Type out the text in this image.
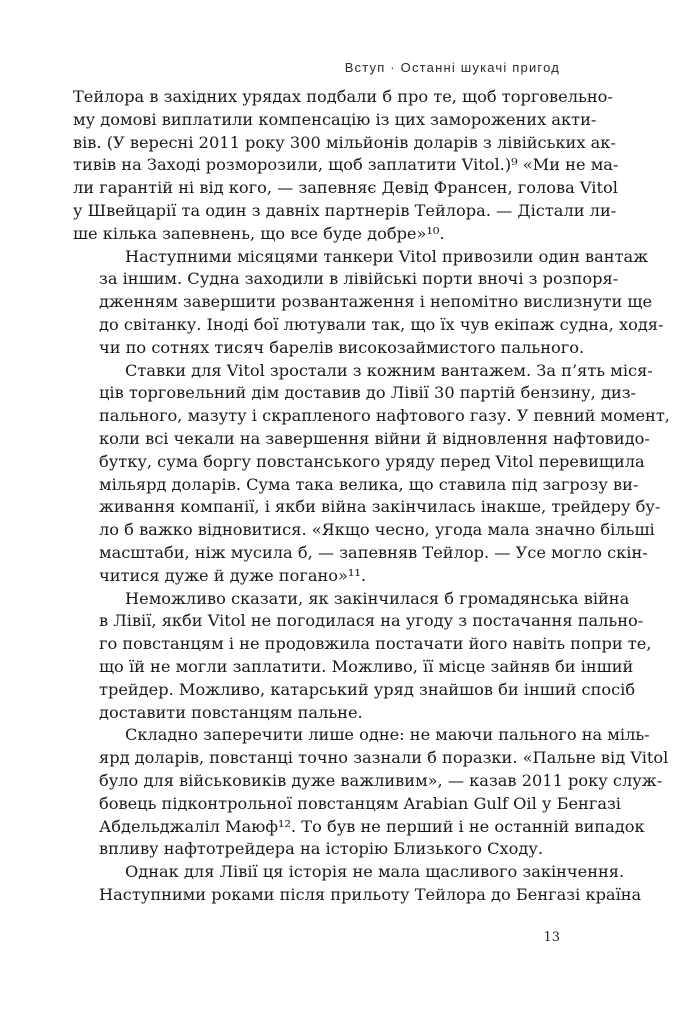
Вступ · Останні шукачі пригод
Тейлора в західних урядах подбали б про те, щоб торговельно-
му домові виплатили компенсацію із цих заморожених акти-
вів. (У вересні 2011 року 300 мільйонів доларів з лівійських ак-
тивів на Заході розморозили, щоб заплатити Vitol.)⁹ «Ми не ма-
ли гарантій ні від кого, — запевняє Девід Франсен, голова Vitol
у Швейцарії та один з давніх партнерів Тейлора. — Дістали ли-
ше кілька запевнень, що все буде добре»¹⁰.
Наступними місяцями танкери Vitol привозили один вантаж
за іншим. Судна заходили в лівійські порти вночі з розпоря-
дженням завершити розвантаження і непомітно вислизнути ще
до світанку. Іноді бої лютували так, що їх чув екіпаж судна, ходя-
чи по сотнях тисяч барелів високозаймистого пального.
Ставки для Vitol зростали з кожним вантажем. За п’ять міся-
ців торговельний дім доставив до Лівії 30 партій бензину, диз-
пального, мазуту і скрапленого нафтового газу. У певний момент,
коли всі чекали на завершення війни й відновлення нафтовидо-
бутку, сума боргу повстанського уряду перед Vitol перевищила
мільярд доларів. Сума така велика, що ставила під загрозу ви-
живання компанії, і якби війна закінчилась інакше, трейдеру бу-
ло б важко відновитися. «Якщо чесно, угода мала значно більші
масштаби, ніж мусила б, — запевняв Тейлор. — Усе могло скін-
читися дуже й дуже погано»¹¹.
Неможливо сказати, як закінчилася б громадянська війна
в Лівії, якби Vitol не погодилася на угоду з постачання пально-
го повстанцям і не продовжила постачати його навіть попри те,
що їй не могли заплатити. Можливо, її місце зайняв би інший
трейдер. Можливо, катарський уряд знайшов би інший спосіб
доставити повстанцям пальне.
Складно заперечити лише одне: не маючи пального на міль-
ярд доларів, повстанці точно зазнали б поразки. «Пальне від Vitol
було для військовиків дуже важливим», — казав 2011 року служ-
бовець підконтрольної повстанцям Arabian Gulf Oil у Бенгазі
Абдельджаліл Маюф¹². То був не перший і не останній випадок
впливу нафтотрейдера на історію Близького Сходу.
Однак для Лівії ця історія не мала щасливого закінчення.
Наступними роками після прильоту Тейлора до Бенгазі країна
13
